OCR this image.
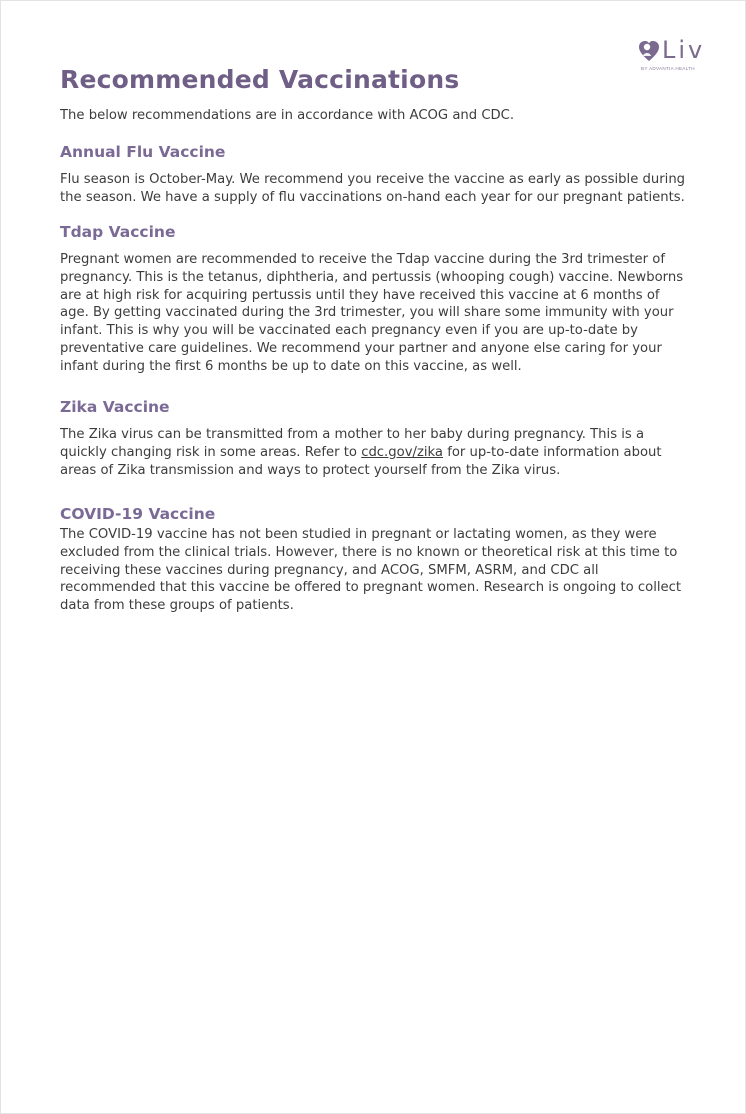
Liv
BY ADVANTIA HEALTH
Recommended Vaccinations

The below recommendations are in accordance with ACOG and CDC.

Annual Flu Vaccine

Flu season is October-May. We recommend you receive the vaccine as early as possible during the season. We have a supply of flu vaccinations on-hand each year for our pregnant patients.

Tdap Vaccine

Pregnant women are recommended to receive the Tdap vaccine during the 3rd trimester of pregnancy. This is the tetanus, diphtheria, and pertussis (whooping cough) vaccine. Newborns are at high risk for acquiring pertussis until they have received this vaccine at 6 months of age. By getting vaccinated during the 3rd trimester, you will share some immunity with your infant. This is why you will be vaccinated each pregnancy even if you are up-to-date by preventative care guidelines. We recommend your partner and anyone else caring for your infant during the first 6 months be up to date on this vaccine, as well.

Zika Vaccine

The Zika virus can be transmitted from a mother to her baby during pregnancy. This is a quickly changing risk in some areas. Refer to cdc.gov/zika for up-to-date information about areas of Zika transmission and ways to protect yourself from the Zika virus.

COVID-19 Vaccine

The COVID-19 vaccine has not been studied in pregnant or lactating women, as they were excluded from the clinical trials. However, there is no known or theoretical risk at this time to receiving these vaccines during pregnancy, and ACOG, SMFM, ASRM, and CDC all recommended that this vaccine be offered to pregnant women. Research is ongoing to collect data from these groups of patients.
